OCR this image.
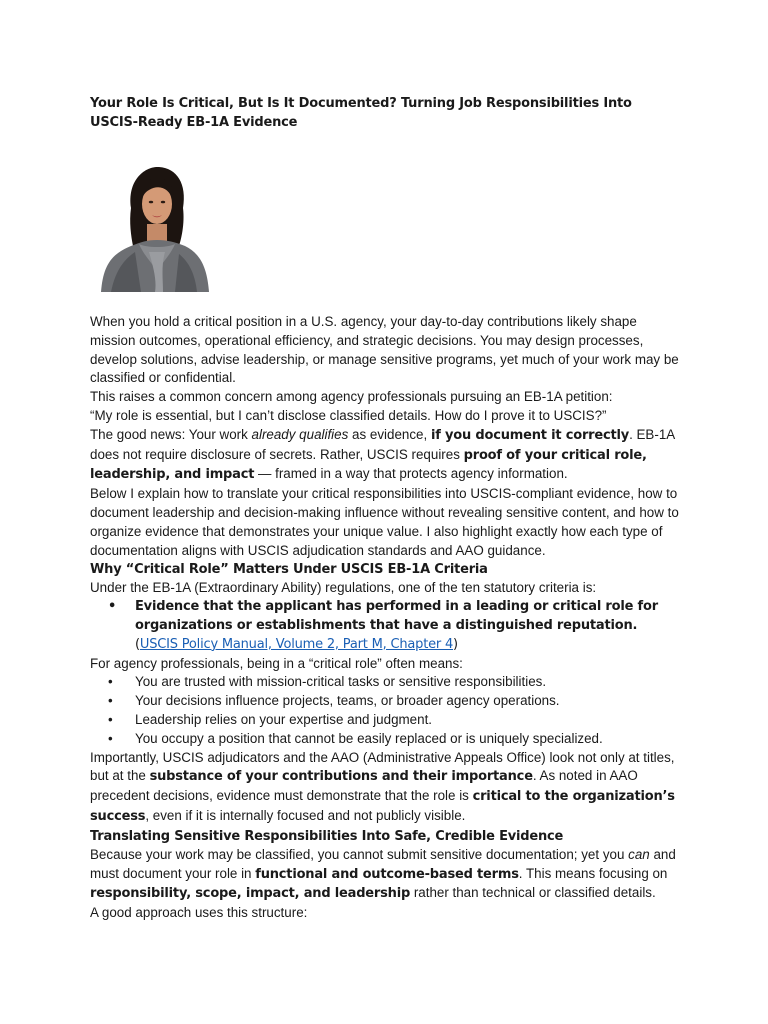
Your Role Is Critical, But Is It Documented? Turning Job Responsibilities Into USCIS-Ready EB-1A Evidence

When you hold a critical position in a U.S. agency, your day-to-day contributions likely shape mission outcomes, operational efficiency, and strategic decisions. You may design processes, develop solutions, advise leadership, or manage sensitive programs, yet much of your work may be classified or confidential.

This raises a common concern among agency professionals pursuing an EB-1A petition:

“My role is essential, but I can’t disclose classified details. How do I prove it to USCIS?”

The good news: Your work already qualifies as evidence, if you document it correctly. EB-1A does not require disclosure of secrets. Rather, USCIS requires proof of your critical role, leadership, and impact — framed in a way that protects agency information.

Below I explain how to translate your critical responsibilities into USCIS-compliant evidence, how to document leadership and decision-making influence without revealing sensitive content, and how to organize evidence that demonstrates your unique value. I also highlight exactly how each type of documentation aligns with USCIS adjudication standards and AAO guidance.

Why “Critical Role” Matters Under USCIS EB-1A Criteria

Under the EB-1A (Extraordinary Ability) regulations, one of the ten statutory criteria is:

• Evidence that the applicant has performed in a leading or critical role for organizations or establishments that have a distinguished reputation. (USCIS Policy Manual, Volume 2, Part M, Chapter 4)

For agency professionals, being in a “critical role” often means:

• You are trusted with mission-critical tasks or sensitive responsibilities.
• Your decisions influence projects, teams, or broader agency operations.
• Leadership relies on your expertise and judgment.
• You occupy a position that cannot be easily replaced or is uniquely specialized.

Importantly, USCIS adjudicators and the AAO (Administrative Appeals Office) look not only at titles, but at the substance of your contributions and their importance. As noted in AAO precedent decisions, evidence must demonstrate that the role is critical to the organization’s success, even if it is internally focused and not publicly visible.

Translating Sensitive Responsibilities Into Safe, Credible Evidence

Because your work may be classified, you cannot submit sensitive documentation; yet you can and must document your role in functional and outcome-based terms. This means focusing on responsibility, scope, impact, and leadership rather than technical or classified details.

A good approach uses this structure:
